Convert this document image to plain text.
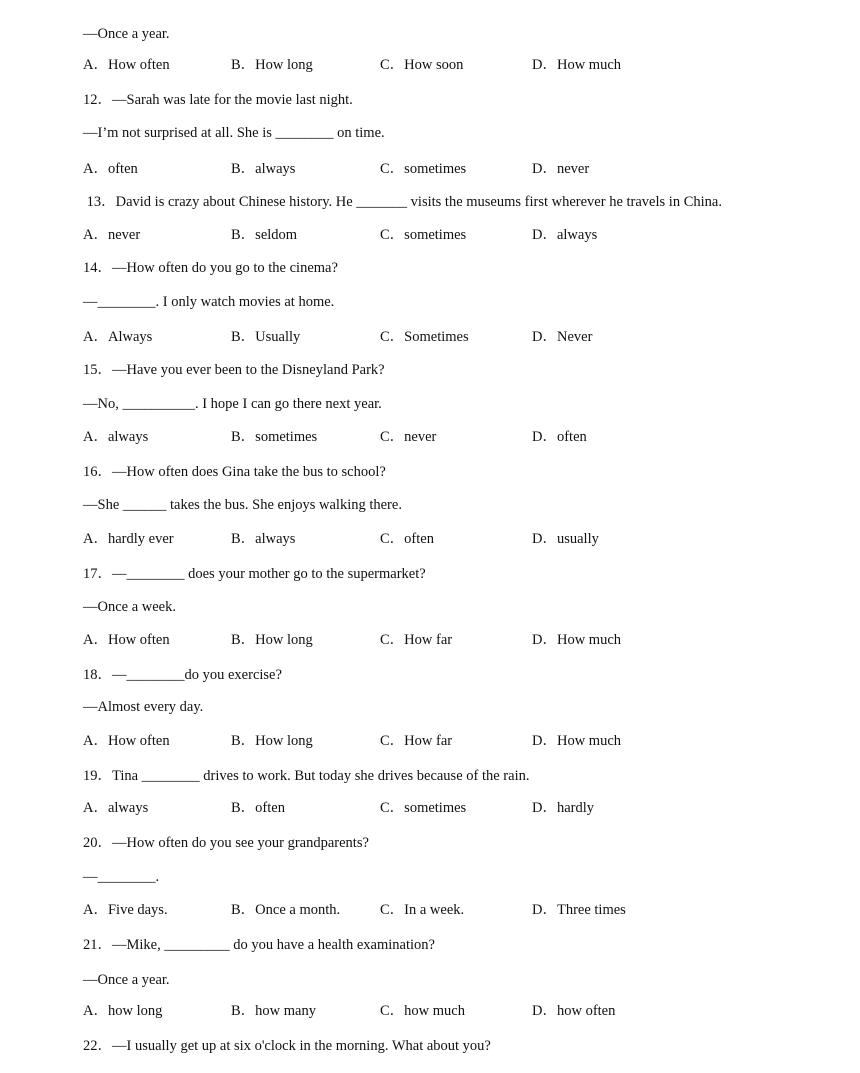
—Once a year.
A．How often	B．How long	C．How soon	D．How much
12．—Sarah was late for the movie last night.
—I’m not surprised at all. She is ________ on time.
A．often	B．always	C．sometimes	D．never
13．David is crazy about Chinese history. He _______ visits the museums first wherever he travels in China.
A．never	B．seldom	C．sometimes	D．always
14．—How often do you go to the cinema?
—________. I only watch movies at home.
A．Always	B．Usually	C．Sometimes	D．Never
15．—Have you ever been to the Disneyland Park?
—No, __________. I hope I can go there next year.
A．always	B．sometimes	C．never	D．often
16．—How often does Gina take the bus to school?
—She ______ takes the bus. She enjoys walking there.
A．hardly ever	B．always	C．often	D．usually
17．—________ does your mother go to the supermarket?
—Once a week.
A．How often	B．How long	C．How far	D．How much
18．—________do you exercise?
—Almost every day.
A．How often	B．How long	C．How far	D．How much
19．Tina ________ drives to work. But today she drives because of the rain.
A．always	B．often	C．sometimes	D．hardly
20．—How often do you see your grandparents?
—________.
A．Five days.	B．Once a month.	C．In a week.	D．Three times
21．—Mike, _________ do you have a health examination?
—Once a year.
A．how long	B．how many	C．how much	D．how often
22．—I usually get up at six o'clock in the morning. What about you?
